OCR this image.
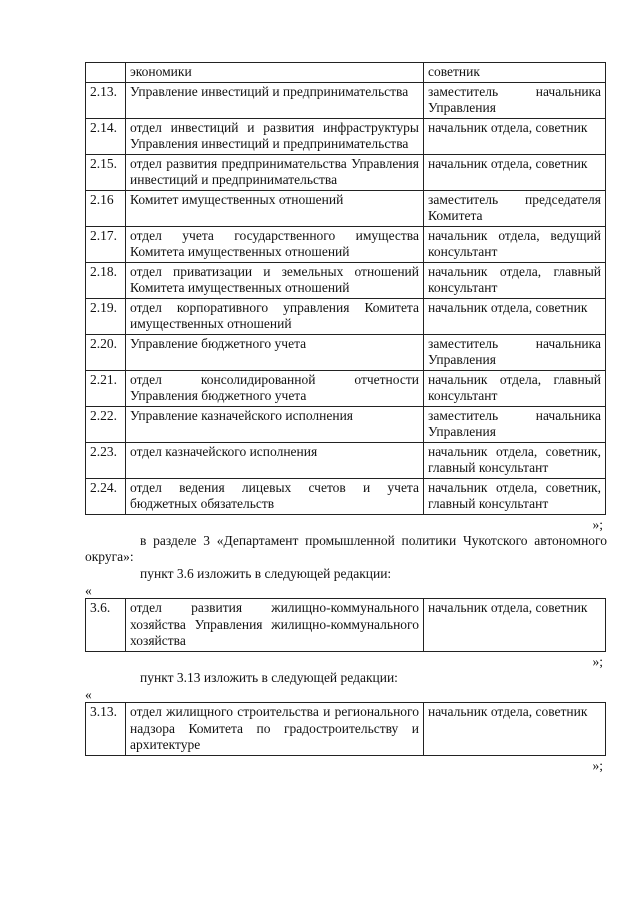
	экономики	советник
2.13.	Управление инвестиций и предпринимательства	заместитель начальника Управления
2.14.	отдел инвестиций и развития инфраструктуры Управления инвестиций и предпринимательства	начальник отдела, советник
2.15.	отдел развития предпринимательства Управления инвестиций и предпринимательства	начальник отдела, советник
2.16	Комитет имущественных отношений	заместитель председателя Комитета
2.17.	отдел учета государственного имущества Комитета имущественных отношений	начальник отдела, ведущий консультант
2.18.	отдел приватизации и земельных отношений Комитета имущественных отношений	начальник отдела, главный консультант
2.19.	отдел корпоративного управления Комитета имущественных отношений	начальник отдела, советник
2.20.	Управление бюджетного учета	заместитель начальника Управления
2.21.	отдел консолидированной отчетности Управления бюджетного учета	начальник отдела, главный консультант
2.22.	Управление казначейского исполнения	заместитель начальника Управления
2.23.	отдел казначейского исполнения	начальник отдела, советник, главный консультант
2.24.	отдел ведения лицевых счетов и учета бюджетных обязательств	начальник отдела, советник, главный консультант
»;

в разделе 3 «Департамент промышленной политики Чукотского автономного округа»:

пункт 3.6 изложить в следующей редакции:

«
3.6.	отдел развития жилищно-коммунального хозяйства Управления жилищно-коммунального хозяйства	начальник отдела, советник
»;

пункт 3.13 изложить в следующей редакции:

«
3.13.	отдел жилищного строительства и регионального надзора Комитета по градостроительству и архитектуре	начальник отдела, советник
»;
